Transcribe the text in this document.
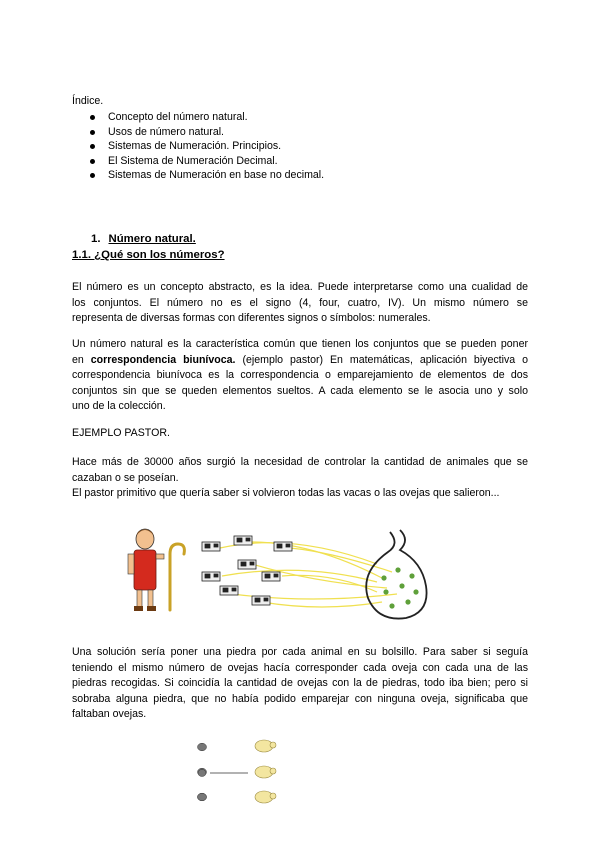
Índice.
Concepto del número natural.
Usos de número natural.
Sistemas de Numeración. Principios.
El Sistema de Numeración Decimal.
Sistemas de Numeración en base no decimal.
1. Número natural.
1.1. ¿Qué son los números?
El número es un concepto abstracto, es la idea. Puede interpretarse como una cualidad de
los conjuntos. El número no es el signo (4, four, cuatro, IV). Un mismo número se
representa de diversas formas con diferentes signos o símbolos: numerales.
Un número natural es la característica común que tienen los conjuntos que se pueden poner
en correspondencia biunívoca. (ejemplo pastor) En matemáticas, aplicación biyectiva o
correspondencia biunívoca es la correspondencia o emparejamiento de elementos de dos
conjuntos sin que se queden elementos sueltos. A cada elemento se le asocia uno y solo
uno de la colección.
EJEMPLO PASTOR.
Hace más de 30000 años surgió la necesidad de controlar la cantidad de animales que se
cazaban o se poseían.
El pastor primitivo que quería saber si volvieron todas las vacas o las ovejas que salieron...
Una solución sería poner una piedra por cada animal en su bolsillo. Para saber si seguía
teniendo el mismo número de ovejas hacía corresponder cada oveja con cada una de las
piedras recogidas. Si coincidía la cantidad de ovejas con la de piedras, todo iba bien; pero si
sobraba alguna piedra, que no había podido emparejar con ninguna oveja, significaba que
faltaban ovejas.
